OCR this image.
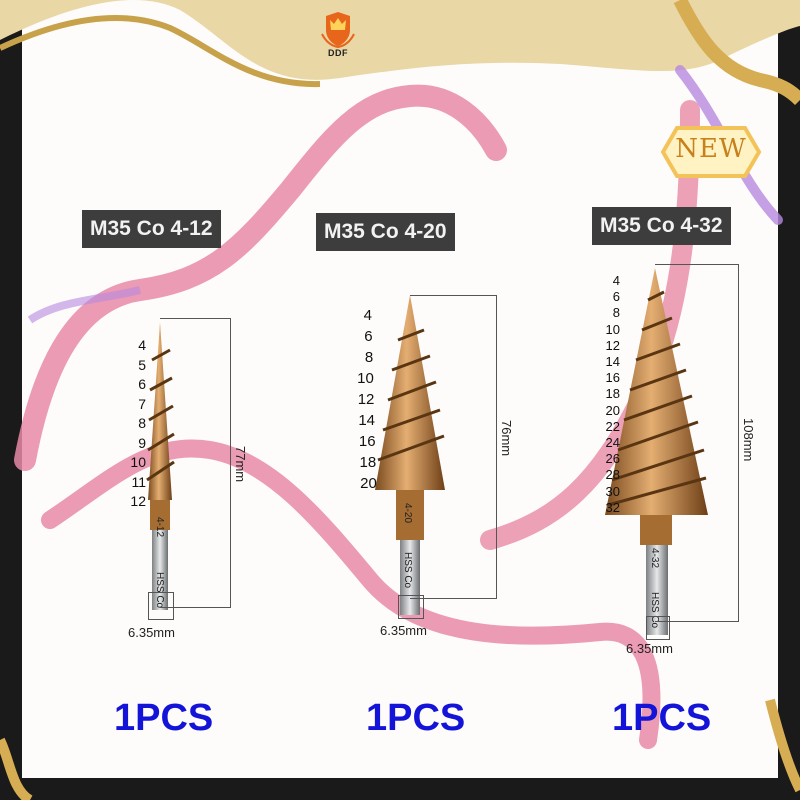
DDF
NEW
M35 Co 4-12	M35 Co 4-20	M35 Co 4-32
4-12
HSS Co
4-20
HSS Co	4-32
HSS Co
4
5
6
7
8
9
10
11
12
4
6
8
10
12
14
16
18
20
4
6
8
10
12
14
16
18
20
22
24
26
28
30
32
77mm
76mm	108mm
6.35mm	6.35mm
6.35mm
1PCS	1PCS	1PCS
